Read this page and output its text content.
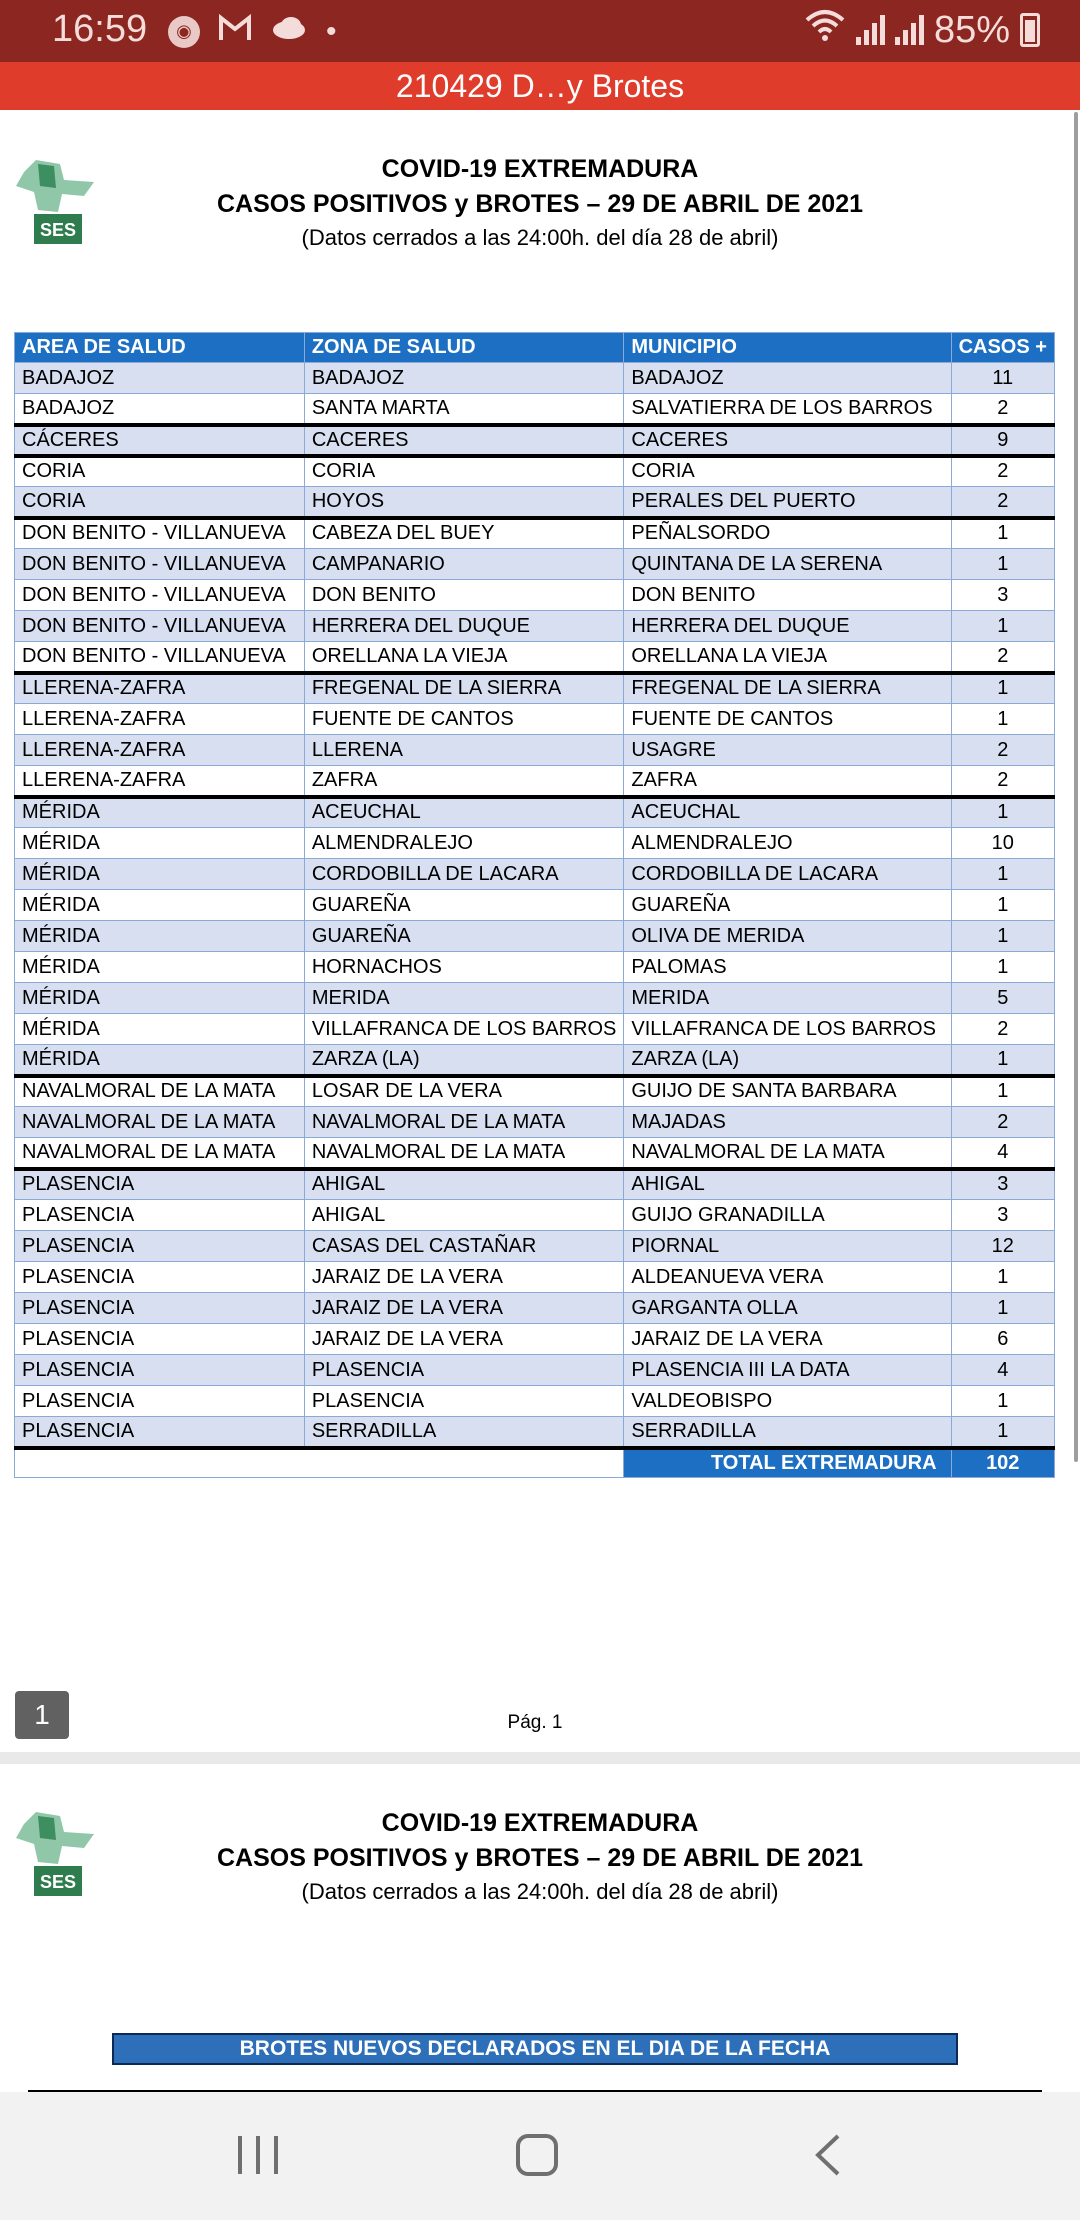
16:59	◉	•	85%
210429 D…y Brotes
SES
COVID-19 EXTREMADURA
CASOS POSITIVOS y BROTES – 29 DE ABRIL DE 2021
(Datos cerrados a las 24:00h. del día 28 de abril)
AREA DE SALUD	ZONA DE SALUD	MUNICIPIO	CASOS +
BADAJOZ	BADAJOZ	BADAJOZ	11
BADAJOZ	SANTA MARTA	SALVATIERRA DE LOS BARROS	2
CÁCERES	CACERES	CACERES	9
CORIA	CORIA	CORIA	2
CORIA	HOYOS	PERALES DEL PUERTO	2
DON BENITO - VILLANUEVA	CABEZA DEL BUEY	PEÑALSORDO	1
DON BENITO - VILLANUEVA	CAMPANARIO	QUINTANA DE LA SERENA	1
DON BENITO - VILLANUEVA	DON BENITO	DON BENITO	3
DON BENITO - VILLANUEVA	HERRERA DEL DUQUE	HERRERA DEL DUQUE	1
DON BENITO - VILLANUEVA	ORELLANA LA VIEJA	ORELLANA LA VIEJA	2
LLERENA-ZAFRA	FREGENAL DE LA SIERRA	FREGENAL DE LA SIERRA	1
LLERENA-ZAFRA	FUENTE DE CANTOS	FUENTE DE CANTOS	1
LLERENA-ZAFRA	LLERENA	USAGRE	2
LLERENA-ZAFRA	ZAFRA	ZAFRA	2
MÉRIDA	ACEUCHAL	ACEUCHAL	1
MÉRIDA	ALMENDRALEJO	ALMENDRALEJO	10
MÉRIDA	CORDOBILLA DE LACARA	CORDOBILLA DE LACARA	1
MÉRIDA	GUAREÑA	GUAREÑA	1
MÉRIDA	GUAREÑA	OLIVA DE MERIDA	1
MÉRIDA	HORNACHOS	PALOMAS	1
MÉRIDA	MERIDA	MERIDA	5
MÉRIDA	VILLAFRANCA DE LOS BARROS	VILLAFRANCA DE LOS BARROS	2
MÉRIDA	ZARZA (LA)	ZARZA (LA)	1
NAVALMORAL DE LA MATA	LOSAR DE LA VERA	GUIJO DE SANTA BARBARA	1
NAVALMORAL DE LA MATA	NAVALMORAL DE LA MATA	MAJADAS	2
NAVALMORAL DE LA MATA	NAVALMORAL DE LA MATA	NAVALMORAL DE LA MATA	4
PLASENCIA	AHIGAL	AHIGAL	3
PLASENCIA	AHIGAL	GUIJO GRANADILLA	3
PLASENCIA	CASAS DEL CASTAÑAR	PIORNAL	12
PLASENCIA	JARAIZ DE LA VERA	ALDEANUEVA VERA	1
PLASENCIA	JARAIZ DE LA VERA	GARGANTA OLLA	1
PLASENCIA	JARAIZ DE LA VERA	JARAIZ DE LA VERA	6
PLASENCIA	PLASENCIA	PLASENCIA III LA DATA	4
PLASENCIA	PLASENCIA	VALDEOBISPO	1
PLASENCIA	SERRADILLA	SERRADILLA	1
		TOTAL EXTREMADURA	102
1	Pág. 1
SES
COVID-19 EXTREMADURA
CASOS POSITIVOS y BROTES – 29 DE ABRIL DE 2021
(Datos cerrados a las 24:00h. del día 28 de abril)
BROTES NUEVOS DECLARADOS EN EL DIA DE LA FECHA
